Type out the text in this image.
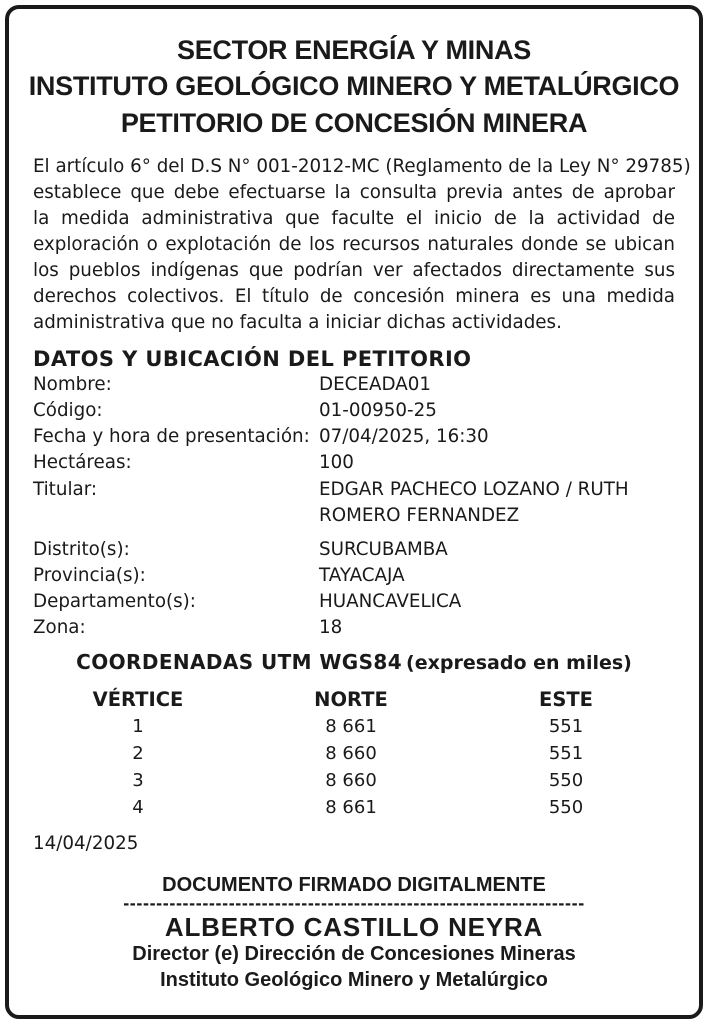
SECTOR ENERGÍA Y MINAS
INSTITUTO GEOLÓGICO MINERO Y METALÚRGICO
PETITORIO DE CONCESIÓN MINERA
El artículo 6° del D.S N° 001-2012-MC (Reglamento de la Ley N° 29785)
establece que debe efectuarse la consulta previa antes de aprobar
la medida administrativa que faculte el inicio de la actividad de
exploración o explotación de los recursos naturales donde se ubican
los pueblos indígenas que podrían ver afectados directamente sus
derechos colectivos. El título de concesión minera es una medida
administrativa que no faculta a iniciar dichas actividades.
DATOS Y UBICACIÓN DEL PETITORIO
Nombre:	DECEADA01
Código:	01-00950-25
Fecha y hora de presentación: 07/04/2025, 16:30
Hectáreas:	100
Titular:	EDGAR PACHECO LOZANO / RUTH
ROMERO FERNANDEZ
Distrito(s):	SURCUBAMBA
Provincia(s):	TAYACAJA
Departamento(s):	HUANCAVELICA
Zona:	18
COORDENADAS UTM WGS84 (expresado en miles)
VÉRTICE	NORTE	ESTE
1	8 661	551
2	8 660	551
3	8 660	550
4	8 661	550
14/04/2025
DOCUMENTO FIRMADO DIGITALMENTE
----------------------------------------------------------------------
ALBERTO CASTILLO NEYRA
Director (e) Dirección de Concesiones Mineras
Instituto Geológico Minero y Metalúrgico
